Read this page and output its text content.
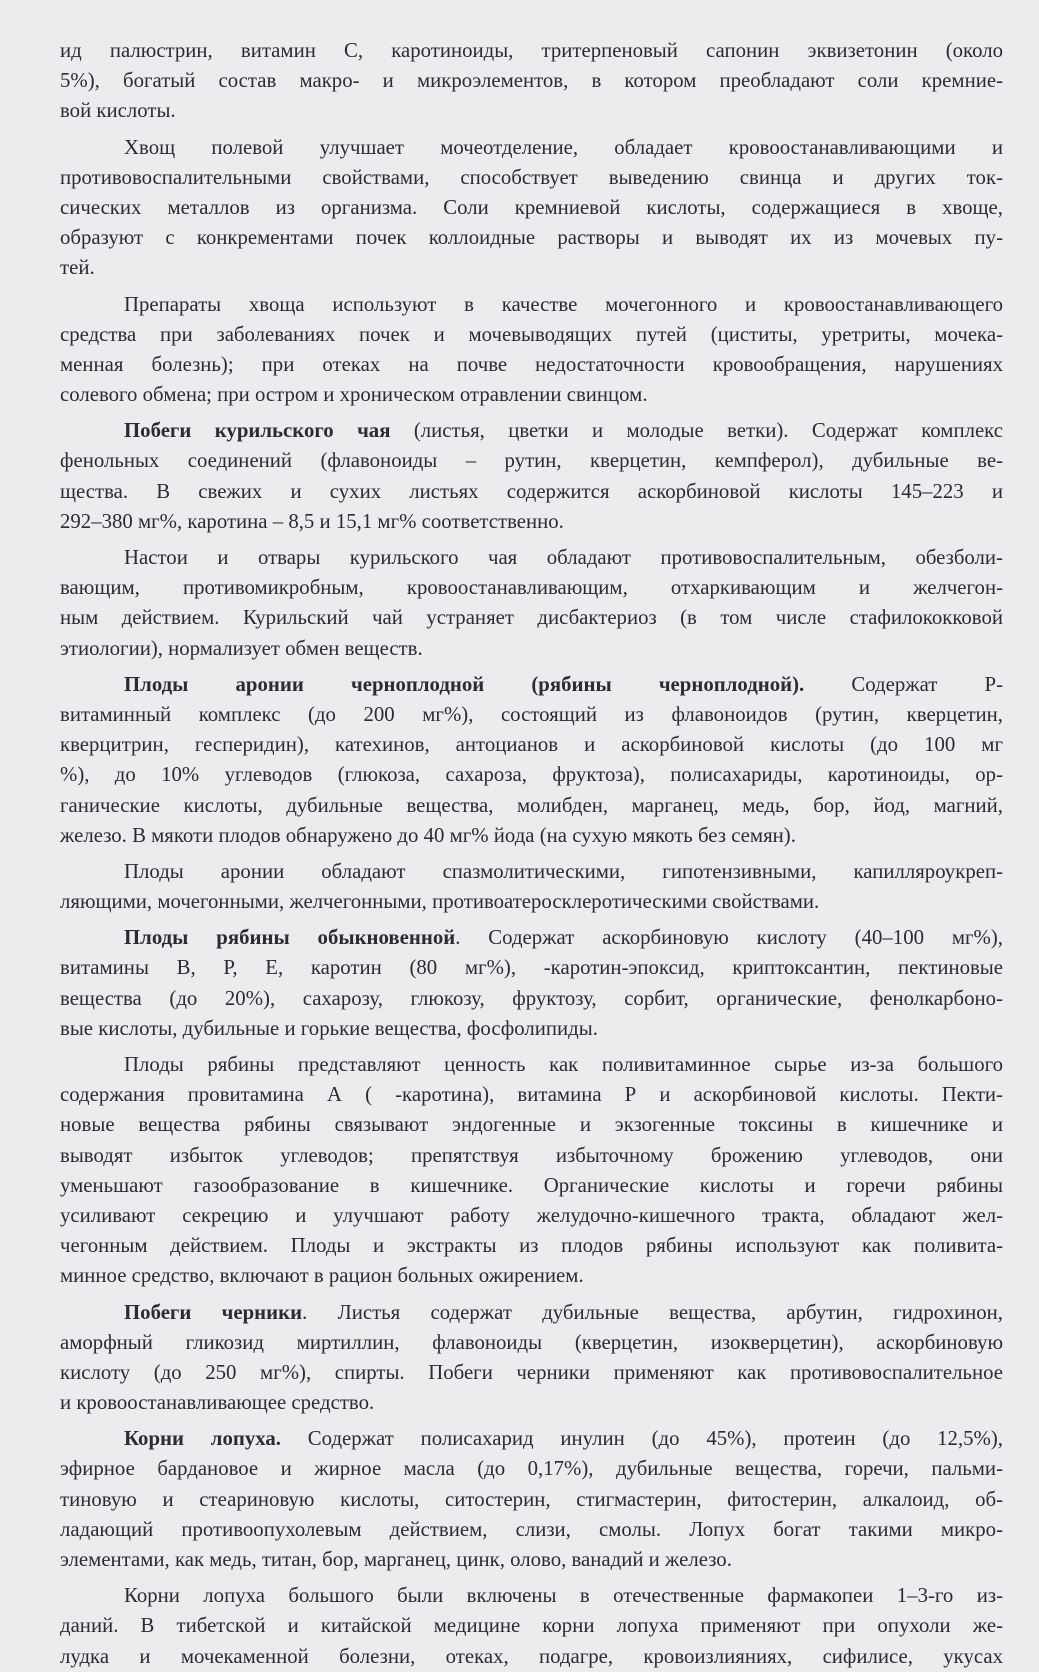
ид палюстрин, витамин С, каротиноиды, тритерпеновый сапонин эквизетонин (около
5%), богатый состав макро- и микроэлементов, в котором преобладают соли кремние-
вой кислоты.
Хвощ полевой улучшает мочеотделение, обладает кровоостанавливающими и
противовоспалительными свойствами, способствует выведению свинца и других ток-
сических металлов из организма. Соли кремниевой кислоты, содержащиеся в хвоще,
образуют с конкрементами почек коллоидные растворы и выводят их из мочевых пу-
тей.
Препараты хвоща используют в качестве мочегонного и кровоостанавливающего
средства при заболеваниях почек и мочевыводящих путей (циститы, уретриты, мочека-
менная болезнь); при отеках на почве недостаточности кровообращения, нарушениях
солевого обмена; при остром и хроническом отравлении свинцом.
Побеги курильского чая (листья, цветки и молодые ветки). Содержат комплекс
фенольных соединений (флавоноиды – рутин, кверцетин, кемпферол), дубильные ве-
щества. В свежих и сухих листьях содержится аскорбиновой кислоты 145–223 и
292–380 мг%, каротина – 8,5 и 15,1 мг% соответственно.
Настои и отвары курильского чая обладают противовоспалительным, обезболи-
вающим, противомикробным, кровоостанавливающим, отхаркивающим и желчегон-
ным действием. Курильский чай устраняет дисбактериоз (в том числе стафилококковой
этиологии), нормализует обмен веществ.
Плоды аронии черноплодной (рябины черноплодной). Содержат Р-
витаминный комплекс (до 200 мг%), состоящий из флавоноидов (рутин, кверцетин,
кверцитрин, гесперидин), катехинов, антоцианов и аскорбиновой кислоты (до 100 мг
%), до 10% углеводов (глюкоза, сахароза, фруктоза), полисахариды, каротиноиды, ор-
ганические кислоты, дубильные вещества, молибден, марганец, медь, бор, йод, магний,
железо. В мякоти плодов обнаружено до 40 мг% йода (на сухую мякоть без семян).
Плоды аронии обладают спазмолитическими, гипотензивными, капилляроукреп-
ляющими, мочегонными, желчегонными, противоатеросклеротическими свойствами.
Плоды рябины обыкновенной. Содержат аскорбиновую кислоту (40–100 мг%),
витамины В, Р, Е, каротин (80 мг%), -каротин-эпоксид, криптоксантин, пектиновые
вещества (до 20%), сахарозу, глюкозу, фруктозу, сорбит, органические, фенолкарбоно-
вые кислоты, дубильные и горькие вещества, фосфолипиды.
Плоды рябины представляют ценность как поливитаминное сырье из-за большого
содержания провитамина А ( -каротина), витамина Р и аскорбиновой кислоты. Пекти-
новые вещества рябины связывают эндогенные и экзогенные токсины в кишечнике и
выводят избыток углеводов; препятствуя избыточному брожению углеводов, они
уменьшают газообразование в кишечнике. Органические кислоты и горечи рябины
усиливают секрецию и улучшают работу желудочно-кишечного тракта, обладают жел-
чегонным действием. Плоды и экстракты из плодов рябины используют как поливита-
минное средство, включают в рацион больных ожирением.
Побеги черники. Листья содержат дубильные вещества, арбутин, гидрохинон,
аморфный гликозид миртиллин, флавоноиды (кверцетин, изокверцетин), аскорбиновую
кислоту (до 250 мг%), спирты. Побеги черники применяют как противовоспалительное
и кровоостанавливающее средство.
Корни лопуха. Содержат полисахарид инулин (до 45%), протеин (до 12,5%),
эфирное бардановое и жирное масла (до 0,17%), дубильные вещества, горечи, пальми-
тиновую и стеариновую кислоты, ситостерин, стигмастерин, фитостерин, алкалоид, об-
ладающий противоопухолевым действием, слизи, смолы. Лопух богат такими микро-
элементами, как медь, титан, бор, марганец, цинк, олово, ванадий и железо.
Корни лопуха большого были включены в отечественные фармакопеи 1–3-го из-
даний. В тибетской и китайской медицине корни лопуха применяют при опухоли же-
лудка и мочекаменной болезни, отеках, подагре, кровоизлияниях, сифилисе, укусах
